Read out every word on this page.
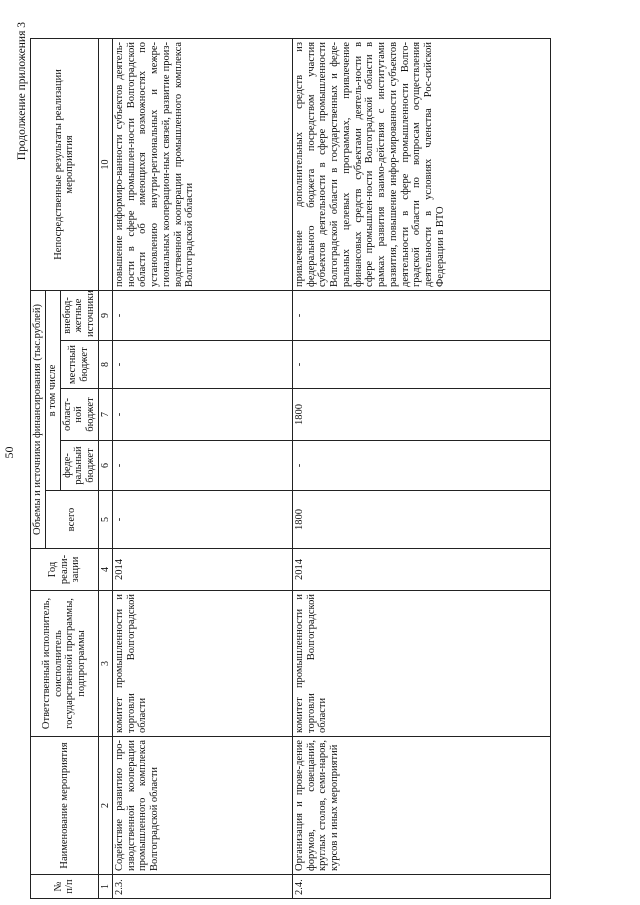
50
Продолжение приложения 3
№ п/п	Наименование мероприятия	Ответственный исполнитель, соисполнитель государственной программы, подпрограммы	Год реали-зации	Объемы и источники финансирования (тыс.рублей)					Непосредственные результаты реализации мероприятия
				всего	в том числе				
					феде-ральный бюджет	област-ной бюджет	местный бюджет	внебюд-жетные источники	
1	2	3	4	5	6	7	8	9	10
2.3.	Содействие развитию про-изводственной кооперации промышленного комплекса Волгоградской области	комитет промышленности и торговли Волгоградской области	2014	-	-	-	-	-	повышение информиро-ванности субъектов деятель-ности в сфере промышлен-ности Волгоградской области об имеющихся возможностях по установлению внутри-региональных и межре-гиональных кооперацион-ных связей, развитие произ-водственной кооперации промышленного комплекса Волгоградской области
2.4.	Организация и прове-дение форумов, совещаний, круглых столов, семи-наров, курсов и иных мероприятий	комитет промышленности и торговли Волгоградской области	2014	1800	-	1800	-	-	привлечение дополнительных средств из федерального бюджета посредством участия субъектов деятельности в сфере промышленности Волгоградской области в государственных и феде-ральных целевых программах, привлечение финансовых средств субъектами деятель-ности в сфере промышлен-ности Волгоградской области в рамках развития взаимо-действия с институтами развития, повышение инфор-мированности субъектов деятельности в сфере промышленности Волго-градской области по вопросам осуществления деятельности в условиях членства Рос-сийской Федерации в ВТО
